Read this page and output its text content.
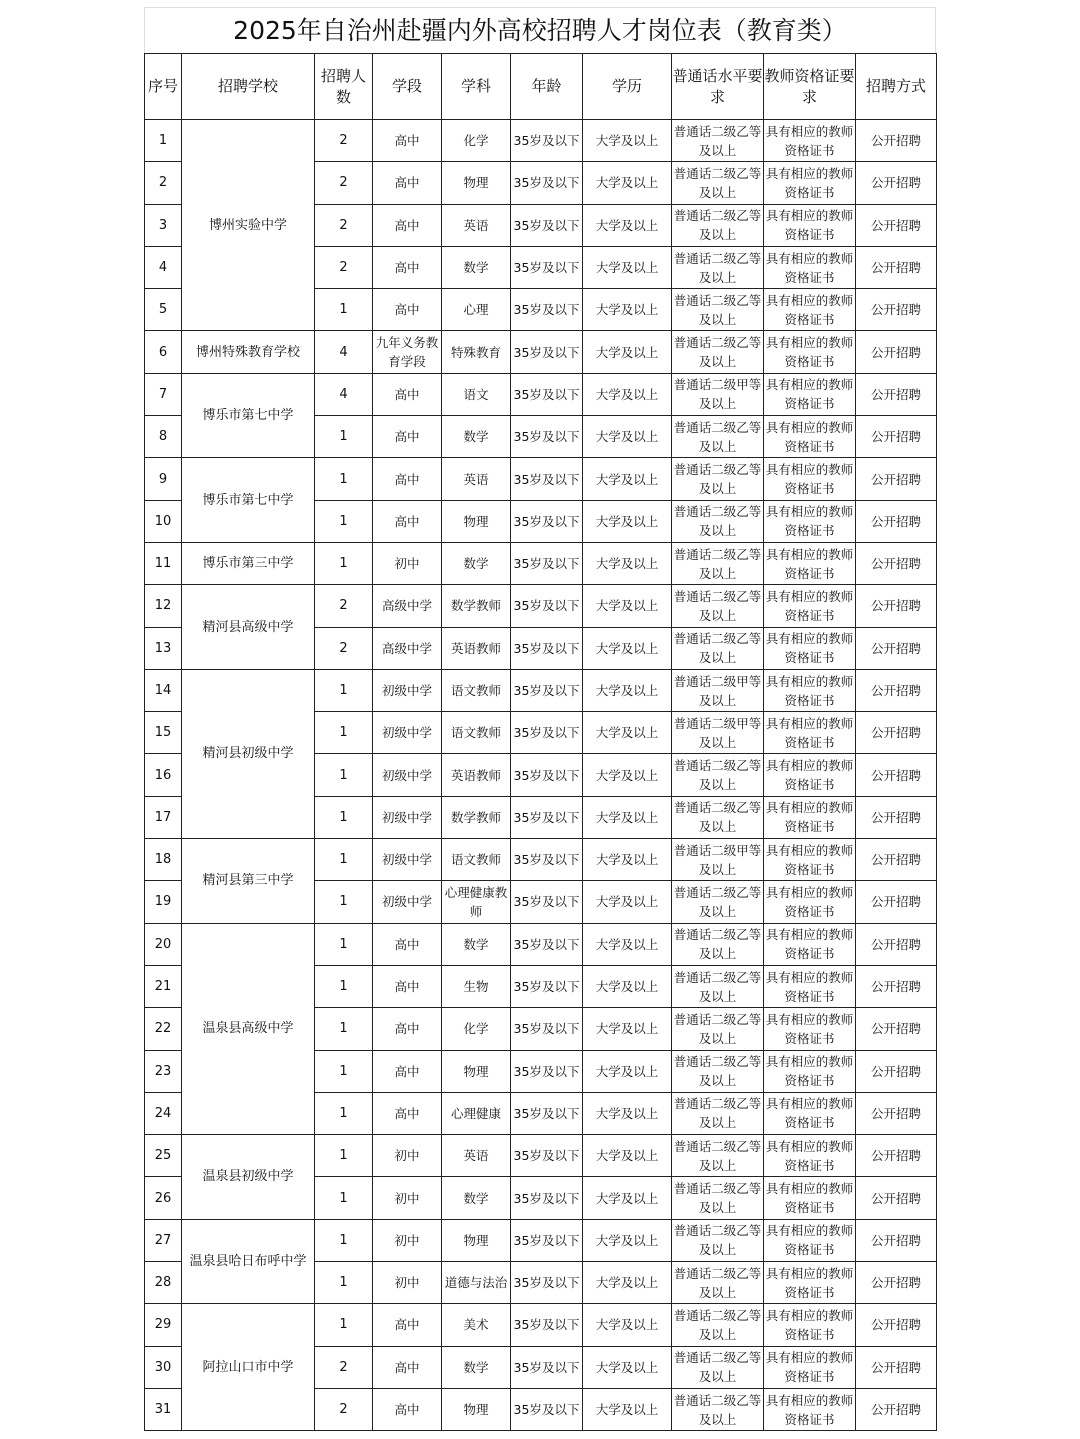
2025年自治州赴疆内外高校招聘人才岗位表（教育类）
序号	招聘学校	招聘人数	学段	学科	年龄	学历	普通话水平要求	教师资格证要求	招聘方式
1	博州实验中学	2	高中	化学	35岁及以下	大学及以上	普通话二级乙等及以上	具有相应的教师资格证书	公开招聘
2		2	高中	物理	35岁及以下	大学及以上	普通话二级乙等及以上	具有相应的教师资格证书	公开招聘
3		2	高中	英语	35岁及以下	大学及以上	普通话二级乙等及以上	具有相应的教师资格证书	公开招聘
4		2	高中	数学	35岁及以下	大学及以上	普通话二级乙等及以上	具有相应的教师资格证书	公开招聘
5		1	高中	心理	35岁及以下	大学及以上	普通话二级乙等及以上	具有相应的教师资格证书	公开招聘
6	博州特殊教育学校	4	九年义务教育学段	特殊教育	35岁及以下	大学及以上	普通话二级乙等及以上	具有相应的教师资格证书	公开招聘
7	博乐市第七中学	4	高中	语文	35岁及以下	大学及以上	普通话二级甲等及以上	具有相应的教师资格证书	公开招聘
8		1	高中	数学	35岁及以下	大学及以上	普通话二级乙等及以上	具有相应的教师资格证书	公开招聘
9	博乐市第七中学	1	高中	英语	35岁及以下	大学及以上	普通话二级乙等及以上	具有相应的教师资格证书	公开招聘
10		1	高中	物理	35岁及以下	大学及以上	普通话二级乙等及以上	具有相应的教师资格证书	公开招聘
11	博乐市第三中学	1	初中	数学	35岁及以下	大学及以上	普通话二级乙等及以上	具有相应的教师资格证书	公开招聘
12	精河县高级中学	2	高级中学	数学教师	35岁及以下	大学及以上	普通话二级乙等及以上	具有相应的教师资格证书	公开招聘
13		2	高级中学	英语教师	35岁及以下	大学及以上	普通话二级乙等及以上	具有相应的教师资格证书	公开招聘
14	精河县初级中学	1	初级中学	语文教师	35岁及以下	大学及以上	普通话二级甲等及以上	具有相应的教师资格证书	公开招聘
15		1	初级中学	语文教师	35岁及以下	大学及以上	普通话二级甲等及以上	具有相应的教师资格证书	公开招聘
16		1	初级中学	英语教师	35岁及以下	大学及以上	普通话二级乙等及以上	具有相应的教师资格证书	公开招聘
17		1	初级中学	数学教师	35岁及以下	大学及以上	普通话二级乙等及以上	具有相应的教师资格证书	公开招聘
18	精河县第三中学	1	初级中学	语文教师	35岁及以下	大学及以上	普通话二级甲等及以上	具有相应的教师资格证书	公开招聘
19		1	初级中学	心理健康教师	35岁及以下	大学及以上	普通话二级乙等及以上	具有相应的教师资格证书	公开招聘
20	温泉县高级中学	1	高中	数学	35岁及以下	大学及以上	普通话二级乙等及以上	具有相应的教师资格证书	公开招聘
21		1	高中	生物	35岁及以下	大学及以上	普通话二级乙等及以上	具有相应的教师资格证书	公开招聘
22		1	高中	化学	35岁及以下	大学及以上	普通话二级乙等及以上	具有相应的教师资格证书	公开招聘
23		1	高中	物理	35岁及以下	大学及以上	普通话二级乙等及以上	具有相应的教师资格证书	公开招聘
24		1	高中	心理健康	35岁及以下	大学及以上	普通话二级乙等及以上	具有相应的教师资格证书	公开招聘
25	温泉县初级中学	1	初中	英语	35岁及以下	大学及以上	普通话二级乙等及以上	具有相应的教师资格证书	公开招聘
26		1	初中	数学	35岁及以下	大学及以上	普通话二级乙等及以上	具有相应的教师资格证书	公开招聘
27	温泉县哈日布呼中学	1	初中	物理	35岁及以下	大学及以上	普通话二级乙等及以上	具有相应的教师资格证书	公开招聘
28		1	初中	道德与法治	35岁及以下	大学及以上	普通话二级乙等及以上	具有相应的教师资格证书	公开招聘
29	阿拉山口市中学	1	高中	美术	35岁及以下	大学及以上	普通话二级乙等及以上	具有相应的教师资格证书	公开招聘
30		2	高中	数学	35岁及以下	大学及以上	普通话二级乙等及以上	具有相应的教师资格证书	公开招聘
31		2	高中	物理	35岁及以下	大学及以上	普通话二级乙等及以上	具有相应的教师资格证书	公开招聘
